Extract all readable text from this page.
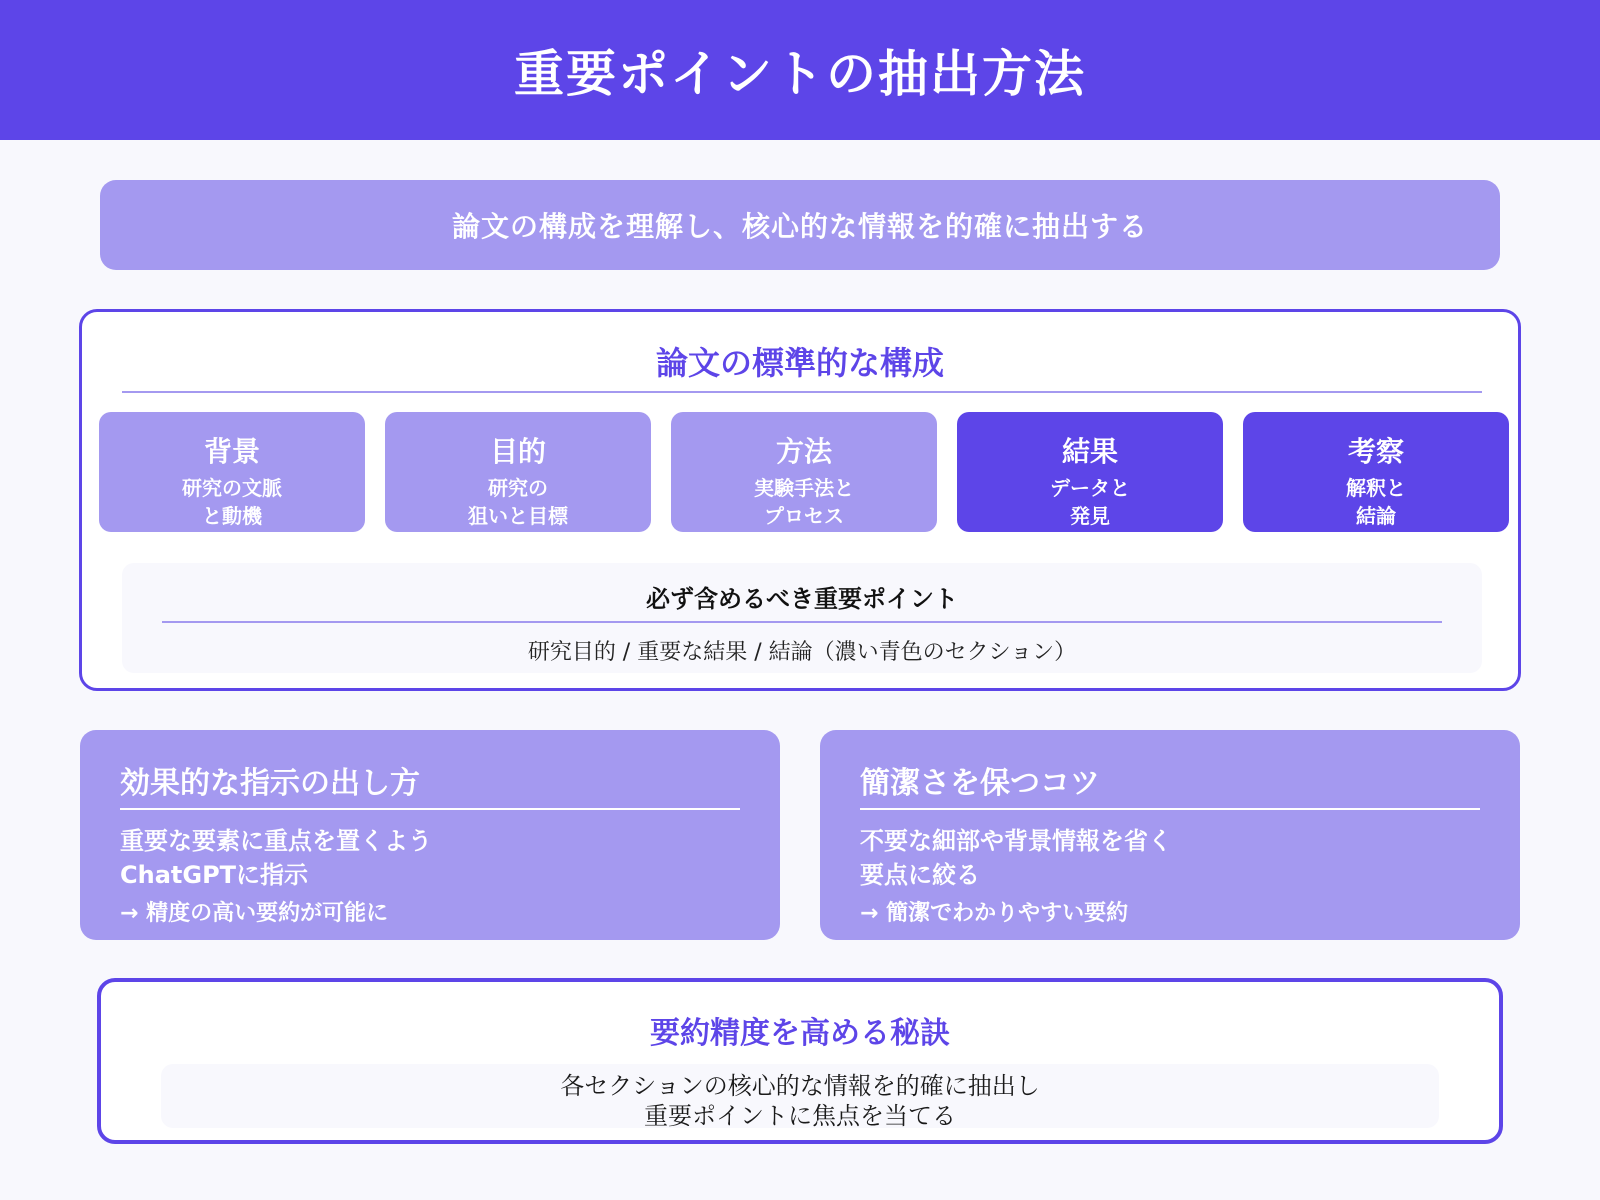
重要ポイントの抽出方法
論文の構成を理解し、核心的な情報を的確に抽出する
論文の標準的な構成
背景
研究の文脈
と動機
目的
研究の
狙いと目標
方法
実験手法と
プロセス
結果
データと
発見
考察
解釈と
結論
必ず含めるべき重要ポイント
研究目的 / 重要な結果 / 結論（濃い青色のセクション）
効果的な指示の出し方
重要な要素に重点を置くよう
ChatGPTに指示
→ 精度の高い要約が可能に
簡潔さを保つコツ
不要な細部や背景情報を省く
要点に絞る
→ 簡潔でわかりやすい要約
要約精度を高める秘訣
各セクションの核心的な情報を的確に抽出し
重要ポイントに焦点を当てる
